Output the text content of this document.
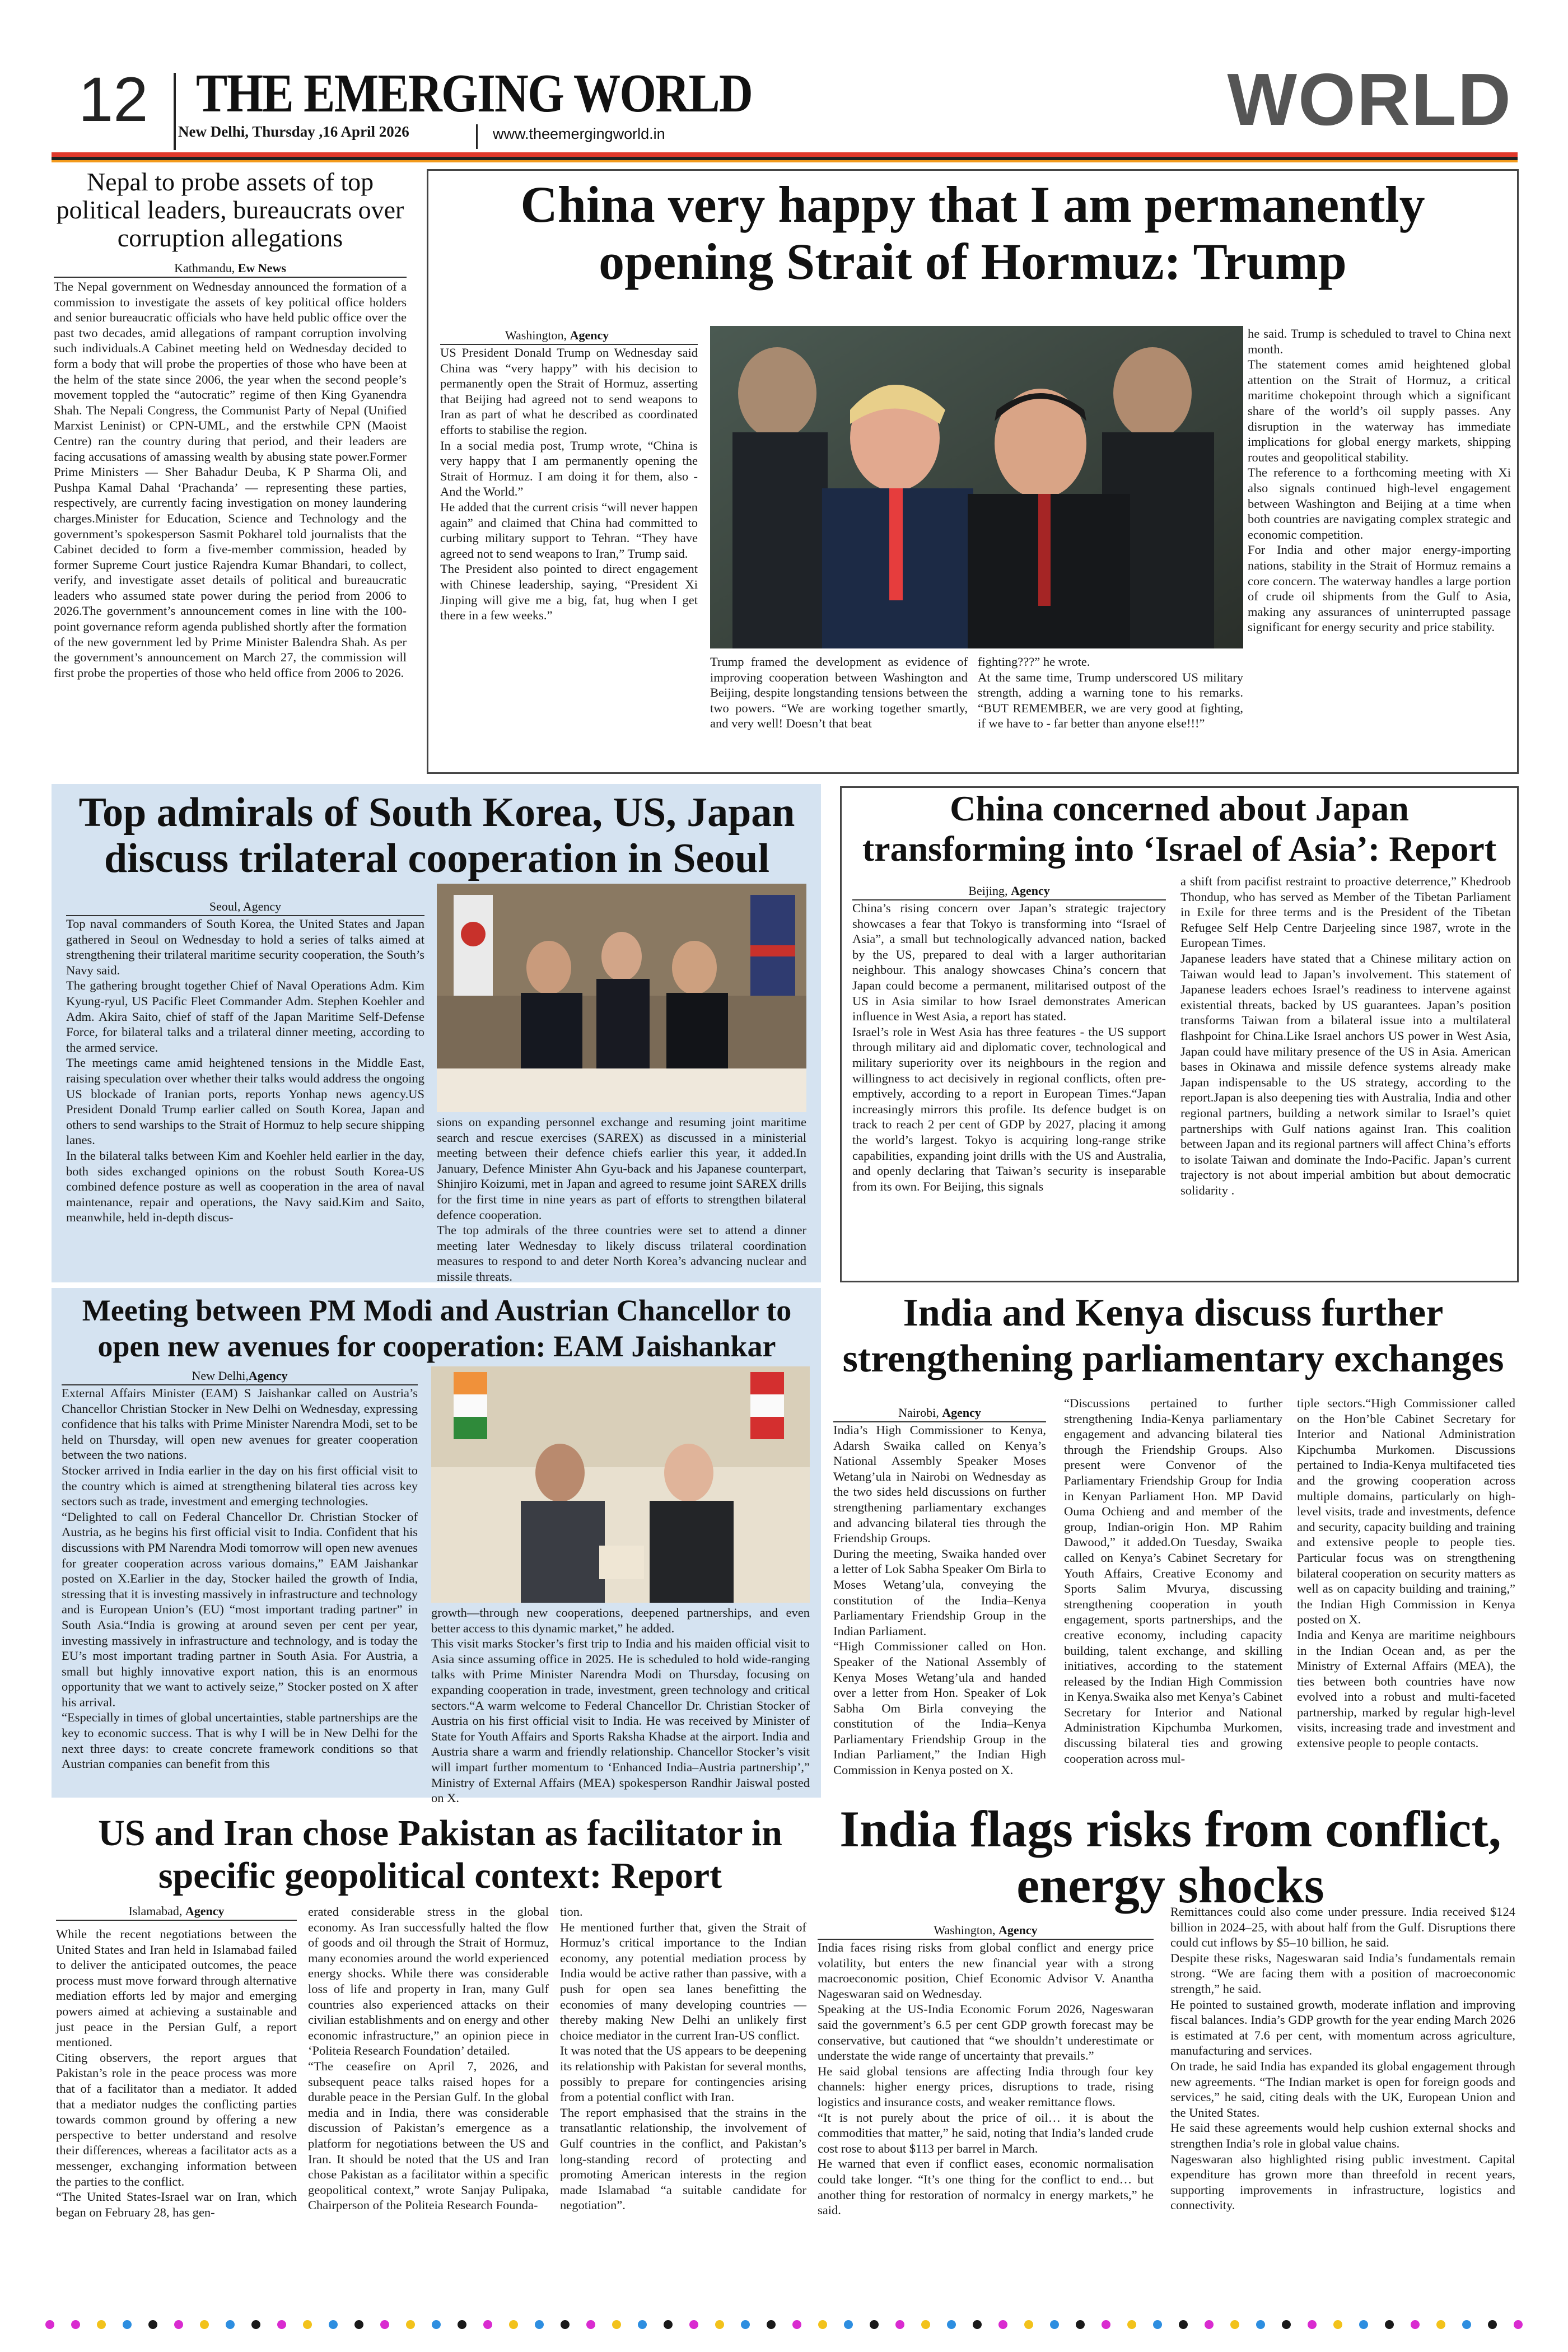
12 THE EMERGING WORLD
New Delhi, Thursday ,16 April 2026	www.theemergingworld.in	WORLD
Nepal to probe assets of top political leaders, bureaucrats over corruption allegations
Kathmandu, Ew News
The Nepal government on Wednesday announced the formation of a commission to investigate the assets of key political office holders and senior bureaucratic officials who have held public office over the past two decades, amid allegations of rampant corruption involving such individuals.A Cabinet meeting held on Wednesday decided to form a body that will probe the properties of those who have been at the helm of the state since 2006, the year when the second people’s movement toppled the “autocratic” regime of then King Gyanendra Shah. The Nepali Congress, the Communist Party of Nepal (Unified Marxist Leninist) or CPN-UML, and the erstwhile CPN (Maoist Centre) ran the country during that period, and their leaders are facing accusations of amassing wealth by abusing state power.Former Prime Ministers — Sher Bahadur Deuba, K P Sharma Oli, and Pushpa Kamal Dahal ‘Prachanda’ — representing these parties, respectively, are currently facing investigation on money laundering charges.Minister for Education, Science and Technology and the government’s spokesperson Sasmit Pokharel told journalists that the Cabinet decided to form a five-member commission, headed by former Supreme Court justice Rajendra Kumar Bhandari, to collect, verify, and investigate asset details of political and bureaucratic leaders who assumed state power during the period from 2006 to 2026.The government’s announcement comes in line with the 100-point governance reform agenda published shortly after the formation of the new government led by Prime Minister Balendra Shah. As per the government’s announcement on March 27, the commission will first probe the properties of those who held office from 2006 to 2026.
China very happy that I am permanently opening Strait of Hormuz: Trump
Washington, Agency
US President Donald Trump on Wednesday said China was “very happy” with his decision to permanently open the Strait of Hormuz, asserting that Beijing had agreed not to send weapons to Iran as part of what he described as coordinated efforts to stabilise the region.
In a social media post, Trump wrote, “China is very happy that I am permanently opening the Strait of Hormuz. I am doing it for them, also - And the World.”
He added that the current crisis “will never happen again” and claimed that China had committed to curbing military support to Tehran. “They have agreed not to send weapons to Iran,” Trump said.
The President also pointed to direct engagement with Chinese leadership, saying, “President Xi Jinping will give me a big, fat, hug when I get there in a few weeks.”
Trump framed the development as evidence of improving cooperation between Washington and Beijing, despite longstanding tensions between the two powers. “We are working together smartly, and very well! Doesn’t that beat
fighting???” he wrote.
At the same time, Trump underscored US military strength, adding a warning tone to his remarks. “BUT REMEMBER, we are very good at fighting, if we have to - far better than anyone else!!!”
he said. Trump is scheduled to travel to China next month.
The statement comes amid heightened global attention on the Strait of Hormuz, a critical maritime chokepoint through which a significant share of the world’s oil supply passes. Any disruption in the waterway has immediate implications for global energy markets, shipping routes and geopolitical stability.
The reference to a forthcoming meeting with Xi also signals continued high-level engagement between Washington and Beijing at a time when both countries are navigating complex strategic and economic competition.
For India and other major energy-importing nations, stability in the Strait of Hormuz remains a core concern. The waterway handles a large portion of crude oil shipments from the Gulf to Asia, making any assurances of uninterrupted passage significant for energy security and price stability.
Top admirals of South Korea, US, Japan discuss trilateral cooperation in Seoul
Seoul, Agency
Top naval commanders of South Korea, the United States and Japan gathered in Seoul on Wednesday to hold a series of talks aimed at strengthening their trilateral maritime security cooperation, the South’s Navy said.
The gathering brought together Chief of Naval Operations Adm. Kim Kyung-ryul, US Pacific Fleet Commander Adm. Stephen Koehler and Adm. Akira Saito, chief of staff of the Japan Maritime Self-Defense Force, for bilateral talks and a trilateral dinner meeting, according to the armed service.
The meetings came amid heightened tensions in the Middle East, raising speculation over whether their talks would address the ongoing US blockade of Iranian ports, reports Yonhap news agency.US President Donald Trump earlier called on South Korea, Japan and others to send warships to the Strait of Hormuz to help secure shipping lanes.
In the bilateral talks between Kim and Koehler held earlier in the day, both sides exchanged opinions on the robust South Korea-US combined defence posture as well as cooperation in the area of naval maintenance, repair and operations, the Navy said.Kim and Saito, meanwhile, held in-depth discus-
sions on expanding personnel exchange and resuming joint maritime search and rescue exercises (SAREX) as discussed in a ministerial meeting between their defence chiefs earlier this year, it added.In January, Defence Minister Ahn Gyu-back and his Japanese counterpart, Shinjiro Koizumi, met in Japan and agreed to resume joint SAREX drills for the first time in nine years as part of efforts to strengthen bilateral defence cooperation.
The top admirals of the three countries were set to attend a dinner meeting later Wednesday to likely discuss trilateral coordination measures to respond to and deter North Korea’s advancing nuclear and missile threats.
China concerned about Japan transforming into ‘Israel of Asia’: Report
Beijing, Agency
China’s rising concern over Japan’s strategic trajectory showcases a fear that Tokyo is transforming into “Israel of Asia”, a small but technologically advanced nation, backed by the US, prepared to deal with a larger authoritarian neighbour. This analogy showcases China’s concern that Japan could become a permanent, militarised outpost of the US in Asia similar to how Israel demonstrates American influence in West Asia, a report has stated.
Israel’s role in West Asia has three features - the US support through military aid and diplomatic cover, technological and military superiority over its neighbours in the region and willingness to act decisively in regional conflicts, often pre-emptively, according to a report in European Times.“Japan increasingly mirrors this profile. Its defence budget is on track to reach 2 per cent of GDP by 2027, placing it among the world’s largest. Tokyo is acquiring long-range strike capabilities, expanding joint drills with the US and Australia, and openly declaring that Taiwan’s security is inseparable from its own. For Beijing, this signals
a shift from pacifist restraint to proactive deterrence,” Khedroob Thondup, who has served as Member of the Tibetan Parliament in Exile for three terms and is the President of the Tibetan Refugee Self Help Centre Darjeeling since 1987, wrote in the European Times.
Japanese leaders have stated that a Chinese military action on Taiwan would lead to Japan’s involvement. This statement of Japanese leaders echoes Israel’s readiness to intervene against existential threats, backed by US guarantees. Japan’s position transforms Taiwan from a bilateral issue into a multilateral flashpoint for China.Like Israel anchors US power in West Asia, Japan could have military presence of the US in Asia. American bases in Okinawa and missile defence systems already make Japan indispensable to the US strategy, according to the report.Japan is also deepening ties with Australia, India and other regional partners, building a network similar to Israel’s quiet partnerships with Gulf nations against Iran. This coalition between Japan and its regional partners will affect China’s efforts to isolate Taiwan and dominate the Indo-Pacific. Japan’s current trajectory is not about imperial ambition but about democratic solidarity .
Meeting between PM Modi and Austrian Chancellor to open new avenues for cooperation: EAM Jaishankar
New Delhi,Agency
External Affairs Minister (EAM) S Jaishankar called on Austria’s Chancellor Christian Stocker in New Delhi on Wednesday, expressing confidence that his talks with Prime Minister Narendra Modi, set to be held on Thursday, will open new avenues for greater cooperation between the two nations.
Stocker arrived in India earlier in the day on his first official visit to the country which is aimed at strengthening bilateral ties across key sectors such as trade, investment and emerging technologies.
“Delighted to call on Federal Chancellor Dr. Christian Stocker of Austria, as he begins his first official visit to India. Confident that his discussions with PM Narendra Modi tomorrow will open new avenues for greater cooperation across various domains,” EAM Jaishankar posted on X.Earlier in the day, Stocker hailed the growth of India, stressing that it is investing massively in infrastructure and technology and is European Union’s (EU) “most important trading partner” in South Asia.“India is growing at around seven per cent per year, investing massively in infrastructure and technology, and is today the EU’s most important trading partner in South Asia. For Austria, a small but highly innovative export nation, this is an enormous opportunity that we want to actively seize,” Stocker posted on X after his arrival.
“Especially in times of global uncertainties, stable partnerships are the key to economic success. That is why I will be in New Delhi for the next three days: to create concrete framework conditions so that Austrian companies can benefit from this
growth—through new cooperations, deepened partnerships, and even better access to this dynamic market,” he added.
This visit marks Stocker’s first trip to India and his maiden official visit to Asia since assuming office in 2025. He is scheduled to hold wide-ranging talks with Prime Minister Narendra Modi on Thursday, focusing on expanding cooperation in trade, investment, green technology and critical sectors.“A warm welcome to Federal Chancellor Dr. Christian Stocker of Austria on his first official visit to India. He was received by Minister of State for Youth Affairs and Sports Raksha Khadse at the airport. India and Austria share a warm and friendly relationship. Chancellor Stocker’s visit will impart further momentum to ‘Enhanced India–Austria partnership’,” Ministry of External Affairs (MEA) spokesperson Randhir Jaiswal posted on X.
India and Kenya discuss further strengthening parliamentary exchanges
Nairobi, Agency
India’s High Commissioner to Kenya, Adarsh Swaika called on Kenya’s National Assembly Speaker Moses Wetang’ula in Nairobi on Wednesday as the two sides held discussions on further strengthening parliamentary exchanges and advancing bilateral ties through the Friendship Groups.
During the meeting, Swaika handed over a letter of Lok Sabha Speaker Om Birla to Moses Wetang’ula, conveying the constitution of the India–Kenya Parliamentary Friendship Group in the Indian Parliament.
“High Commissioner called on Hon. Speaker of the National Assembly of Kenya Moses Wetang’ula and handed over a letter from Hon. Speaker of Lok Sabha Om Birla conveying the constitution of the India–Kenya Parliamentary Friendship Group in the Indian Parliament,” the Indian High Commission in Kenya posted on X.
“Discussions pertained to further strengthening India-Kenya parliamentary engagement and advancing bilateral ties through the Friendship Groups. Also present were Convenor of the Parliamentary Friendship Group for India in Kenyan Parliament Hon. MP David Ouma Ochieng and and member of the group, Indian-origin Hon. MP Rahim Dawood,” it added.On Tuesday, Swaika called on Kenya’s Cabinet Secretary for Youth Affairs, Creative Economy and Sports Salim Mvurya, discussing strengthening cooperation in youth engagement, sports partnerships, and the creative economy, including capacity building, talent exchange, and skilling initiatives, according to the statement released by the Indian High Commission in Kenya.Swaika also met Kenya’s Cabinet Secretary for Interior and National Administration Kipchumba Murkomen, discussing bilateral ties and growing cooperation across mul-
tiple sectors.“High Commissioner called on the Hon’ble Cabinet Secretary for Interior and National Administration Kipchumba Murkomen. Discussions pertained to India-Kenya multifaceted ties and the growing cooperation across multiple domains, particularly on high-level visits, trade and investments, defence and security, capacity building and training and extensive people to people ties. Particular focus was on strengthening bilateral cooperation on security matters as well as on capacity building and training,” the Indian High Commission in Kenya posted on X.
India and Kenya are maritime neighbours in the Indian Ocean and, as per the Ministry of External Affairs (MEA), the ties between both countries have now evolved into a robust and multi-faceted partnership, marked by regular high-level visits, increasing trade and investment and extensive people to people contacts.
US and Iran chose Pakistan as facilitator in specific geopolitical context: Report
Islamabad, Agency
While the recent negotiations between the United States and Iran held in Islamabad failed to deliver the anticipated outcomes, the peace process must move forward through alternative mediation efforts led by major and emerging powers aimed at achieving a sustainable and just peace in the Persian Gulf, a report mentioned.
Citing observers, the report argues that Pakistan’s role in the peace process was more that of a facilitator than a mediator. It added that a mediator nudges the conflicting parties towards common ground by offering a new perspective to better understand and resolve their differences, whereas a facilitator acts as a messenger, exchanging information between the parties to the conflict.
“The United States-Israel war on Iran, which began on February 28, has gen-
erated considerable stress in the global economy. As Iran successfully halted the flow of goods and oil through the Strait of Hormuz, many economies around the world experienced energy shocks. While there was considerable loss of life and property in Iran, many Gulf countries also experienced attacks on their civilian establishments and on energy and other economic infrastructure,” an opinion piece in ‘Politeia Research Foundation’ detailed.
“The ceasefire on April 7, 2026, and subsequent peace talks raised hopes for a durable peace in the Persian Gulf. In the global media and in India, there was considerable discussion of Pakistan’s emergence as a platform for negotiations between the US and Iran. It should be noted that the US and Iran chose Pakistan as a facilitator within a specific geopolitical context,” wrote Sanjay Pulipaka, Chairperson of the Politeia Research Founda-
tion.
He mentioned further that, given the Strait of Hormuz’s critical importance to the Indian economy, any potential mediation process by India would be active rather than passive, with a push for open sea lanes benefitting the economies of many developing countries — thereby making New Delhi an unlikely first choice mediator in the current Iran-US conflict.
It was noted that the US appears to be deepening its relationship with Pakistan for several months, possibly to prepare for contingencies arising from a potential conflict with Iran.
The report emphasised that the strains in the transatlantic relationship, the involvement of Gulf countries in the conflict, and Pakistan’s long-standing record of protecting and promoting American interests in the region made Islamabad “a suitable candidate for negotiation”.
India flags risks from conflict, energy shocks
Washington, Agency
India faces rising risks from global conflict and energy price volatility, but enters the new financial year with a strong macroeconomic position, Chief Economic Advisor V. Anantha Nageswaran said on Wednesday.
Speaking at the US-India Economic Forum 2026, Nageswaran said the government’s 6.5 per cent GDP growth forecast may be conservative, but cautioned that “we shouldn’t underestimate or understate the wide range of uncertainty that prevails.”
He said global tensions are affecting India through four key channels: higher energy prices, disruptions to trade, rising logistics and insurance costs, and weaker remittance flows.
“It is not purely about the price of oil… it is about the commodities that matter,” he said, noting that India’s landed crude cost rose to about $113 per barrel in March.
He warned that even if conflict eases, economic normalisation could take longer. “It’s one thing for the conflict to end… but another thing for restoration of normalcy in energy markets,” he said.
Remittances could also come under pressure. India received $124 billion in 2024–25, with about half from the Gulf. Disruptions there could cut inflows by $5–10 billion, he said.
Despite these risks, Nageswaran said India’s fundamentals remain strong. “We are facing them with a position of macroeconomic strength,” he said.
He pointed to sustained growth, moderate inflation and improving fiscal balances. India’s GDP growth for the year ending March 2026 is estimated at 7.6 per cent, with momentum across agriculture, manufacturing and services.
On trade, he said India has expanded its global engagement through new agreements. “The Indian market is open for foreign goods and services,” he said, citing deals with the UK, European Union and the United States.
He said these agreements would help cushion external shocks and strengthen India’s role in global value chains.
Nageswaran also highlighted rising public investment. Capital expenditure has grown more than threefold in recent years, supporting improvements in infrastructure, logistics and connectivity.
